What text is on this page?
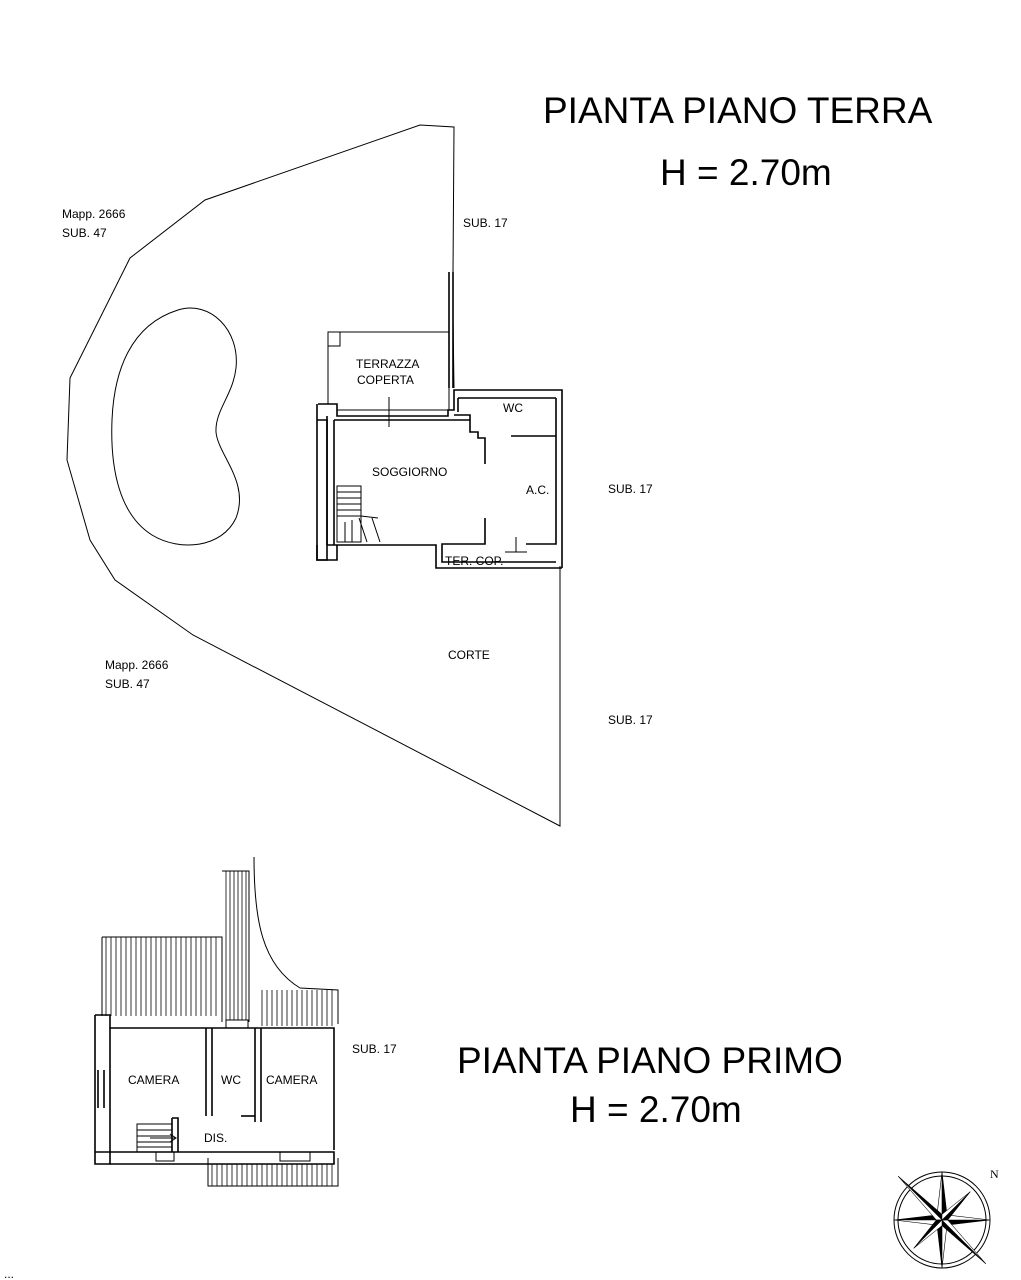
PIANTA PIANO TERRA
H = 2.70m
PIANTA PIANO PRIMO
H = 2.70m
Mapp. 2666
SUB. 47
SUB. 17
TERRAZZA
COPERTA
WC
SOGGIORNO
A.C.	SUB. 17
TER. COP.
CORTE
Mapp. 2666
SUB. 47
SUB. 17
CAMERA	WC CAMERA
DIS.
SUB. 17
N
...
